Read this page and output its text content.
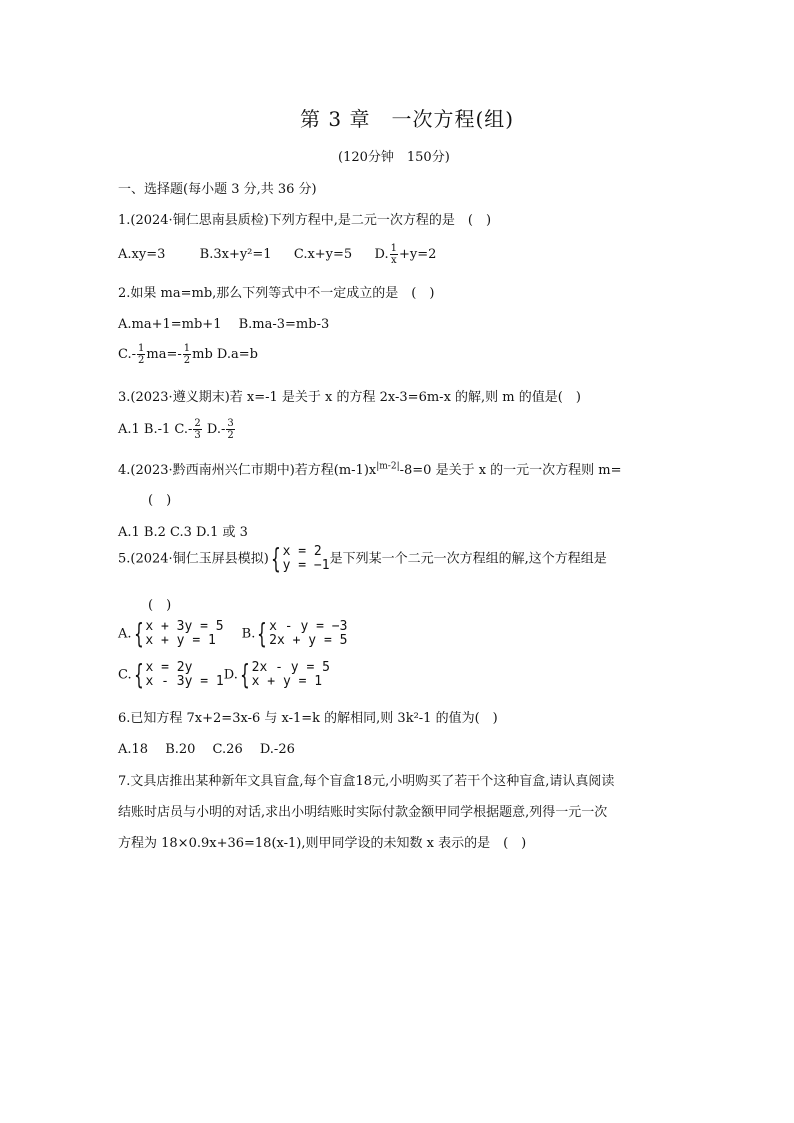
第 3 章　一次方程(组)
(120分钟　150分)
一、选择题(每小题 3 分,共 36 分)
1.(2024·铜仁思南县质检)下列方程中,是二元一次方程的是　(　)
A.xy=3	B.3x+y²=1 C.x+y=5 D. $\frac{1}{x} +y=2$
2.如果 ma=mb,那么下列等式中不一定成立的是　(　)
A.ma+1=mb+1　 B.ma-3=mb-3
$C.- \frac{1}{2} ma=- \frac{1}{2}$ mb D.a=b
3.(2023·遵义期末)若 x=-1 是关于 x 的方程 2x-3=6m-x 的解,则 m 的值是(　)
A.1 B.-1 $C.- \frac{2}{3} D.- \frac{3}{2}$
4.(2023·黔西南州兴仁市期中)若方程$(m-1)x^{|m-2|}-8=0$ 是关于 x 的一元一次方程则 m=
(　)
A.1 B.2 C.3 D.1 或 3
5.(2024·铜仁玉屏县模拟) { x = 2
y = −1 是下列某一个二元一次方程组的解,这个方程组是
(　)
A. { x + 3y = 5
x + y = 1	B. { x - y = −3
2x + y = 5
C. { x = 2y
x - 3y = 1 D. { 2x - y = 5
x + y = 1
6.已知方程 7x+2=3x-6 与 x-1=k 的解相同,则 3k²-1 的值为(　)
A.18　 B.20　 C.26　 D.-26
7.文具店推出某种新年文具盲盒,每个盲盒18元,小明购买了若干个这种盲盒,请认真阅读
结账时店员与小明的对话,求出小明结账时实际付款金额甲同学根据题意,列得一元一次
方程为 18×0.9x+36=18(x-1),则甲同学设的未知数 x 表示的是　(　)
